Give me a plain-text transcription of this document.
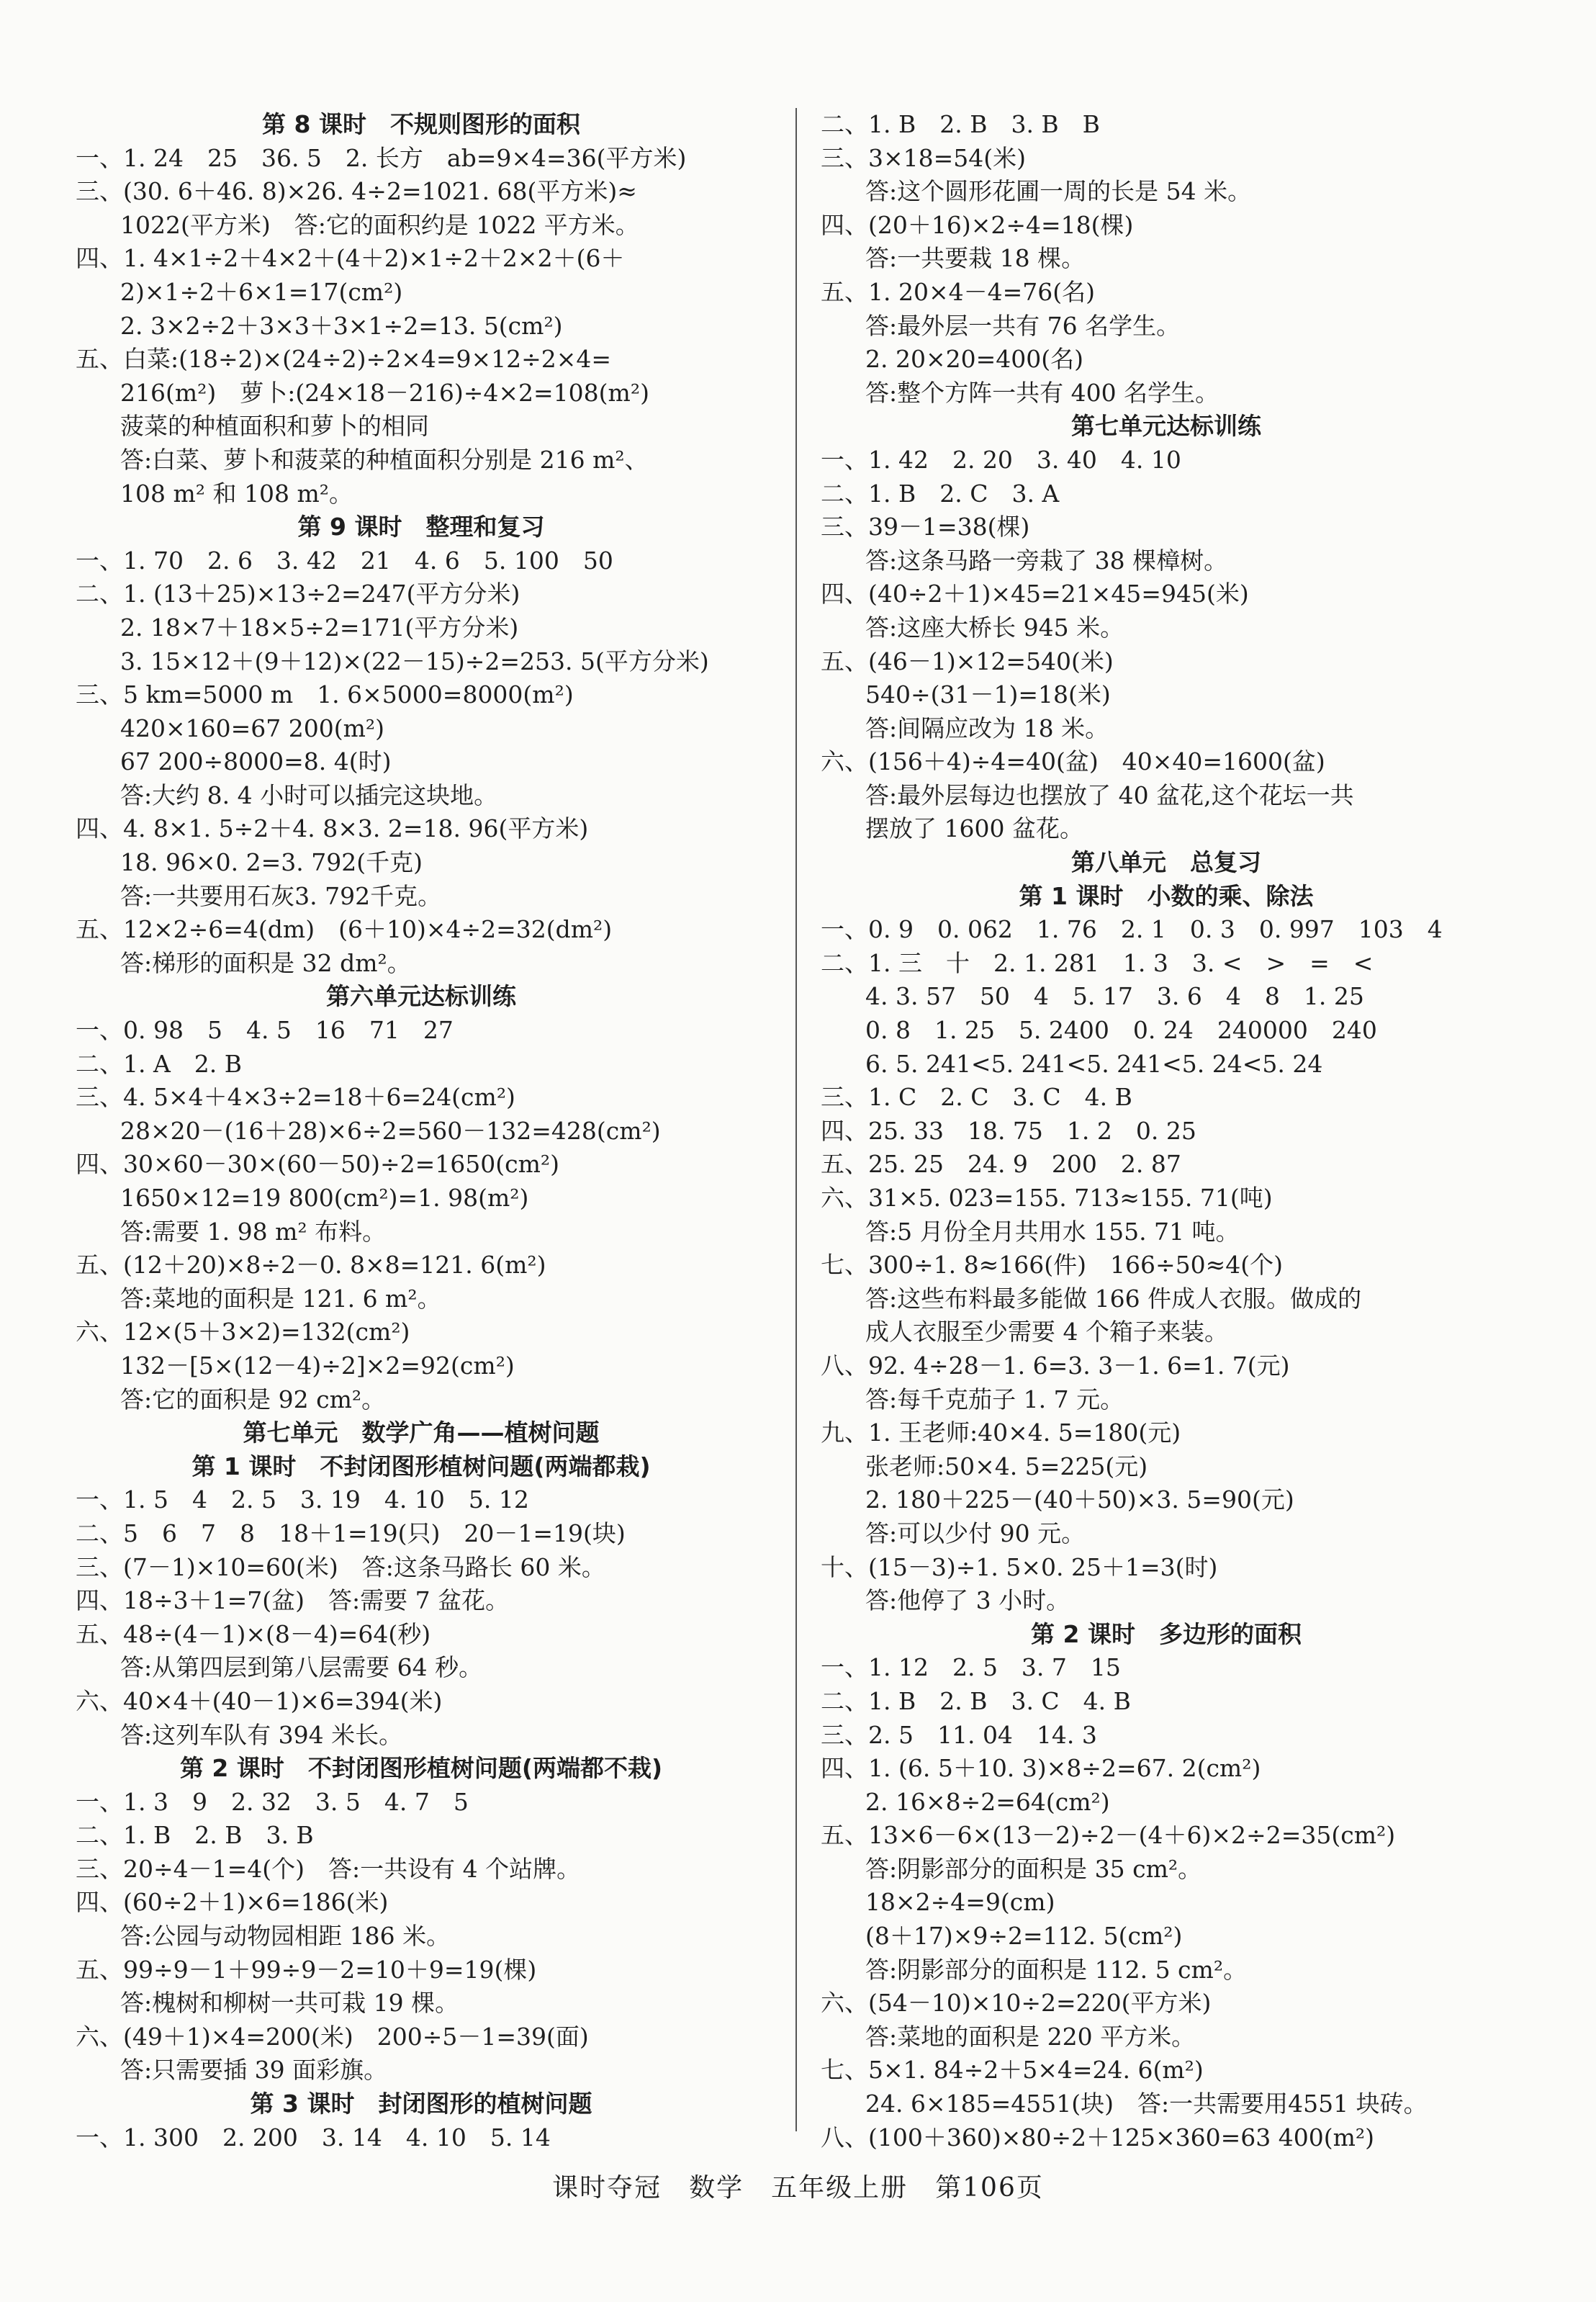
第 8 课时　不规则图形的面积
一、1. 24　25　36. 5　2. 长方　ab=9×4=36(平方米)
三、(30. 6＋46. 8)×26. 4÷2=1021. 68(平方米)≈
1022(平方米)　答:它的面积约是 1022 平方米。
四、1. 4×1÷2＋4×2＋(4＋2)×1÷2＋2×2＋(6＋
2)×1÷2＋6×1=17(cm²)
2. 3×2÷2＋3×3＋3×1÷2=13. 5(cm²)
五、白菜:(18÷2)×(24÷2)÷2×4=9×12÷2×4=
216(m²)　萝卜:(24×18－216)÷4×2=108(m²)
菠菜的种植面积和萝卜的相同
答:白菜、萝卜和菠菜的种植面积分别是 216 m²、
108 m² 和 108 m²。
第 9 课时　整理和复习
一、1. 70　2. 6　3. 42　21　4. 6　5. 100　50
二、1. (13＋25)×13÷2=247(平方分米)
2. 18×7＋18×5÷2=171(平方分米)
3. 15×12＋(9＋12)×(22－15)÷2=253. 5(平方分米)
三、5 km=5000 m　1. 6×5000=8000(m²)
420×160=67 200(m²)
67 200÷8000=8. 4(时)
答:大约 8. 4 小时可以插完这块地。
四、4. 8×1. 5÷2＋4. 8×3. 2=18. 96(平方米)
18. 96×0. 2=3. 792(千克)
答:一共要用石灰3. 792千克。
五、12×2÷6=4(dm)　(6＋10)×4÷2=32(dm²)
答:梯形的面积是 32 dm²。
第六单元达标训练
一、0. 98　5　4. 5　16　71　27
二、1. A　2. B
三、4. 5×4＋4×3÷2=18＋6=24(cm²)
28×20－(16＋28)×6÷2=560－132=428(cm²)
四、30×60－30×(60－50)÷2=1650(cm²)
1650×12=19 800(cm²)=1. 98(m²)
答:需要 1. 98 m² 布料。
五、(12＋20)×8÷2－0. 8×8=121. 6(m²)
答:菜地的面积是 121. 6 m²。
六、12×(5＋3×2)=132(cm²)
132－[5×(12－4)÷2]×2=92(cm²)
答:它的面积是 92 cm²。
第七单元　数学广角——植树问题
第 1 课时　不封闭图形植树问题(两端都栽)
一、1. 5　4　2. 5　3. 19　4. 10　5. 12
二、5　6　7　8　18＋1=19(只)　20－1=19(块)
三、(7－1)×10=60(米)　答:这条马路长 60 米。
四、18÷3＋1=7(盆)　答:需要 7 盆花。
五、48÷(4－1)×(8－4)=64(秒)
答:从第四层到第八层需要 64 秒。
六、40×4＋(40－1)×6=394(米)
答:这列车队有 394 米长。
第 2 课时　不封闭图形植树问题(两端都不栽)
一、1. 3　9　2. 32　3. 5　4. 7　5
二、1. B　2. B　3. B
三、20÷4－1=4(个)　答:一共设有 4 个站牌。
四、(60÷2＋1)×6=186(米)
答:公园与动物园相距 186 米。
五、99÷9－1＋99÷9－2=10＋9=19(棵)
答:槐树和柳树一共可栽 19 棵。
六、(49＋1)×4=200(米)　200÷5－1=39(面)
答:只需要插 39 面彩旗。
第 3 课时　封闭图形的植树问题
一、1. 300　2. 200　3. 14　4. 10　5. 14
二、1. B　2. B　3. B　B
三、3×18=54(米)
答:这个圆形花圃一周的长是 54 米。
四、(20＋16)×2÷4=18(棵)
答:一共要栽 18 棵。
五、1. 20×4－4=76(名)
答:最外层一共有 76 名学生。
2. 20×20=400(名)
答:整个方阵一共有 400 名学生。
第七单元达标训练
一、1. 42　2. 20　3. 40　4. 10
二、1. B　2. C　3. A
三、39－1=38(棵)
答:这条马路一旁栽了 38 棵樟树。
四、(40÷2＋1)×45=21×45=945(米)
答:这座大桥长 945 米。
五、(46－1)×12=540(米)
540÷(31－1)=18(米)
答:间隔应改为 18 米。
六、(156＋4)÷4=40(盆)　40×40=1600(盆)
答:最外层每边也摆放了 40 盆花,这个花坛一共
摆放了 1600 盆花。
第八单元　总复习
第 1 课时　小数的乘、除法
一、0. 9　0. 062　1. 76　2. 1　0. 3　0. 997　103　4
二、1. 三　十　2. 1. 281　1. 3　3. <　>　=　<
4. 3. 57　50　4　5. 17　3. 6　4　8　1. 25
0. 8　1. 25　5. 2400　0. 24　240000　240
6. 5. 241<5. 241<5. 241<5. 24<5. 24
三、1. C　2. C　3. C　4. B
四、25. 33　18. 75　1. 2　0. 25
五、25. 25　24. 9　200　2. 87
六、31×5. 023=155. 713≈155. 71(吨)
答:5 月份全月共用水 155. 71 吨。
七、300÷1. 8≈166(件)　166÷50≈4(个)
答:这些布料最多能做 166 件成人衣服。做成的
成人衣服至少需要 4 个箱子来装。
八、92. 4÷28－1. 6=3. 3－1. 6=1. 7(元)
答:每千克茄子 1. 7 元。
九、1. 王老师:40×4. 5=180(元)
张老师:50×4. 5=225(元)
2. 180＋225－(40＋50)×3. 5=90(元)
答:可以少付 90 元。
十、(15－3)÷1. 5×0. 25＋1=3(时)
答:他停了 3 小时。
第 2 课时　多边形的面积
一、1. 12　2. 5　3. 7　15
二、1. B　2. B　3. C　4. B
三、2. 5　11. 04　14. 3
四、1. (6. 5＋10. 3)×8÷2=67. 2(cm²)
2. 16×8÷2=64(cm²)
五、13×6－6×(13－2)÷2－(4＋6)×2÷2=35(cm²)
答:阴影部分的面积是 35 cm²。
18×2÷4=9(cm)
(8＋17)×9÷2=112. 5(cm²)
答:阴影部分的面积是 112. 5 cm²。
六、(54－10)×10÷2=220(平方米)
答:菜地的面积是 220 平方米。
七、5×1. 84÷2＋5×4=24. 6(m²)
24. 6×185=4551(块)　答:一共需要用4551 块砖。
八、(100＋360)×80÷2＋125×360=63 400(m²)
课时夺冠　数学　五年级上册　第106页
